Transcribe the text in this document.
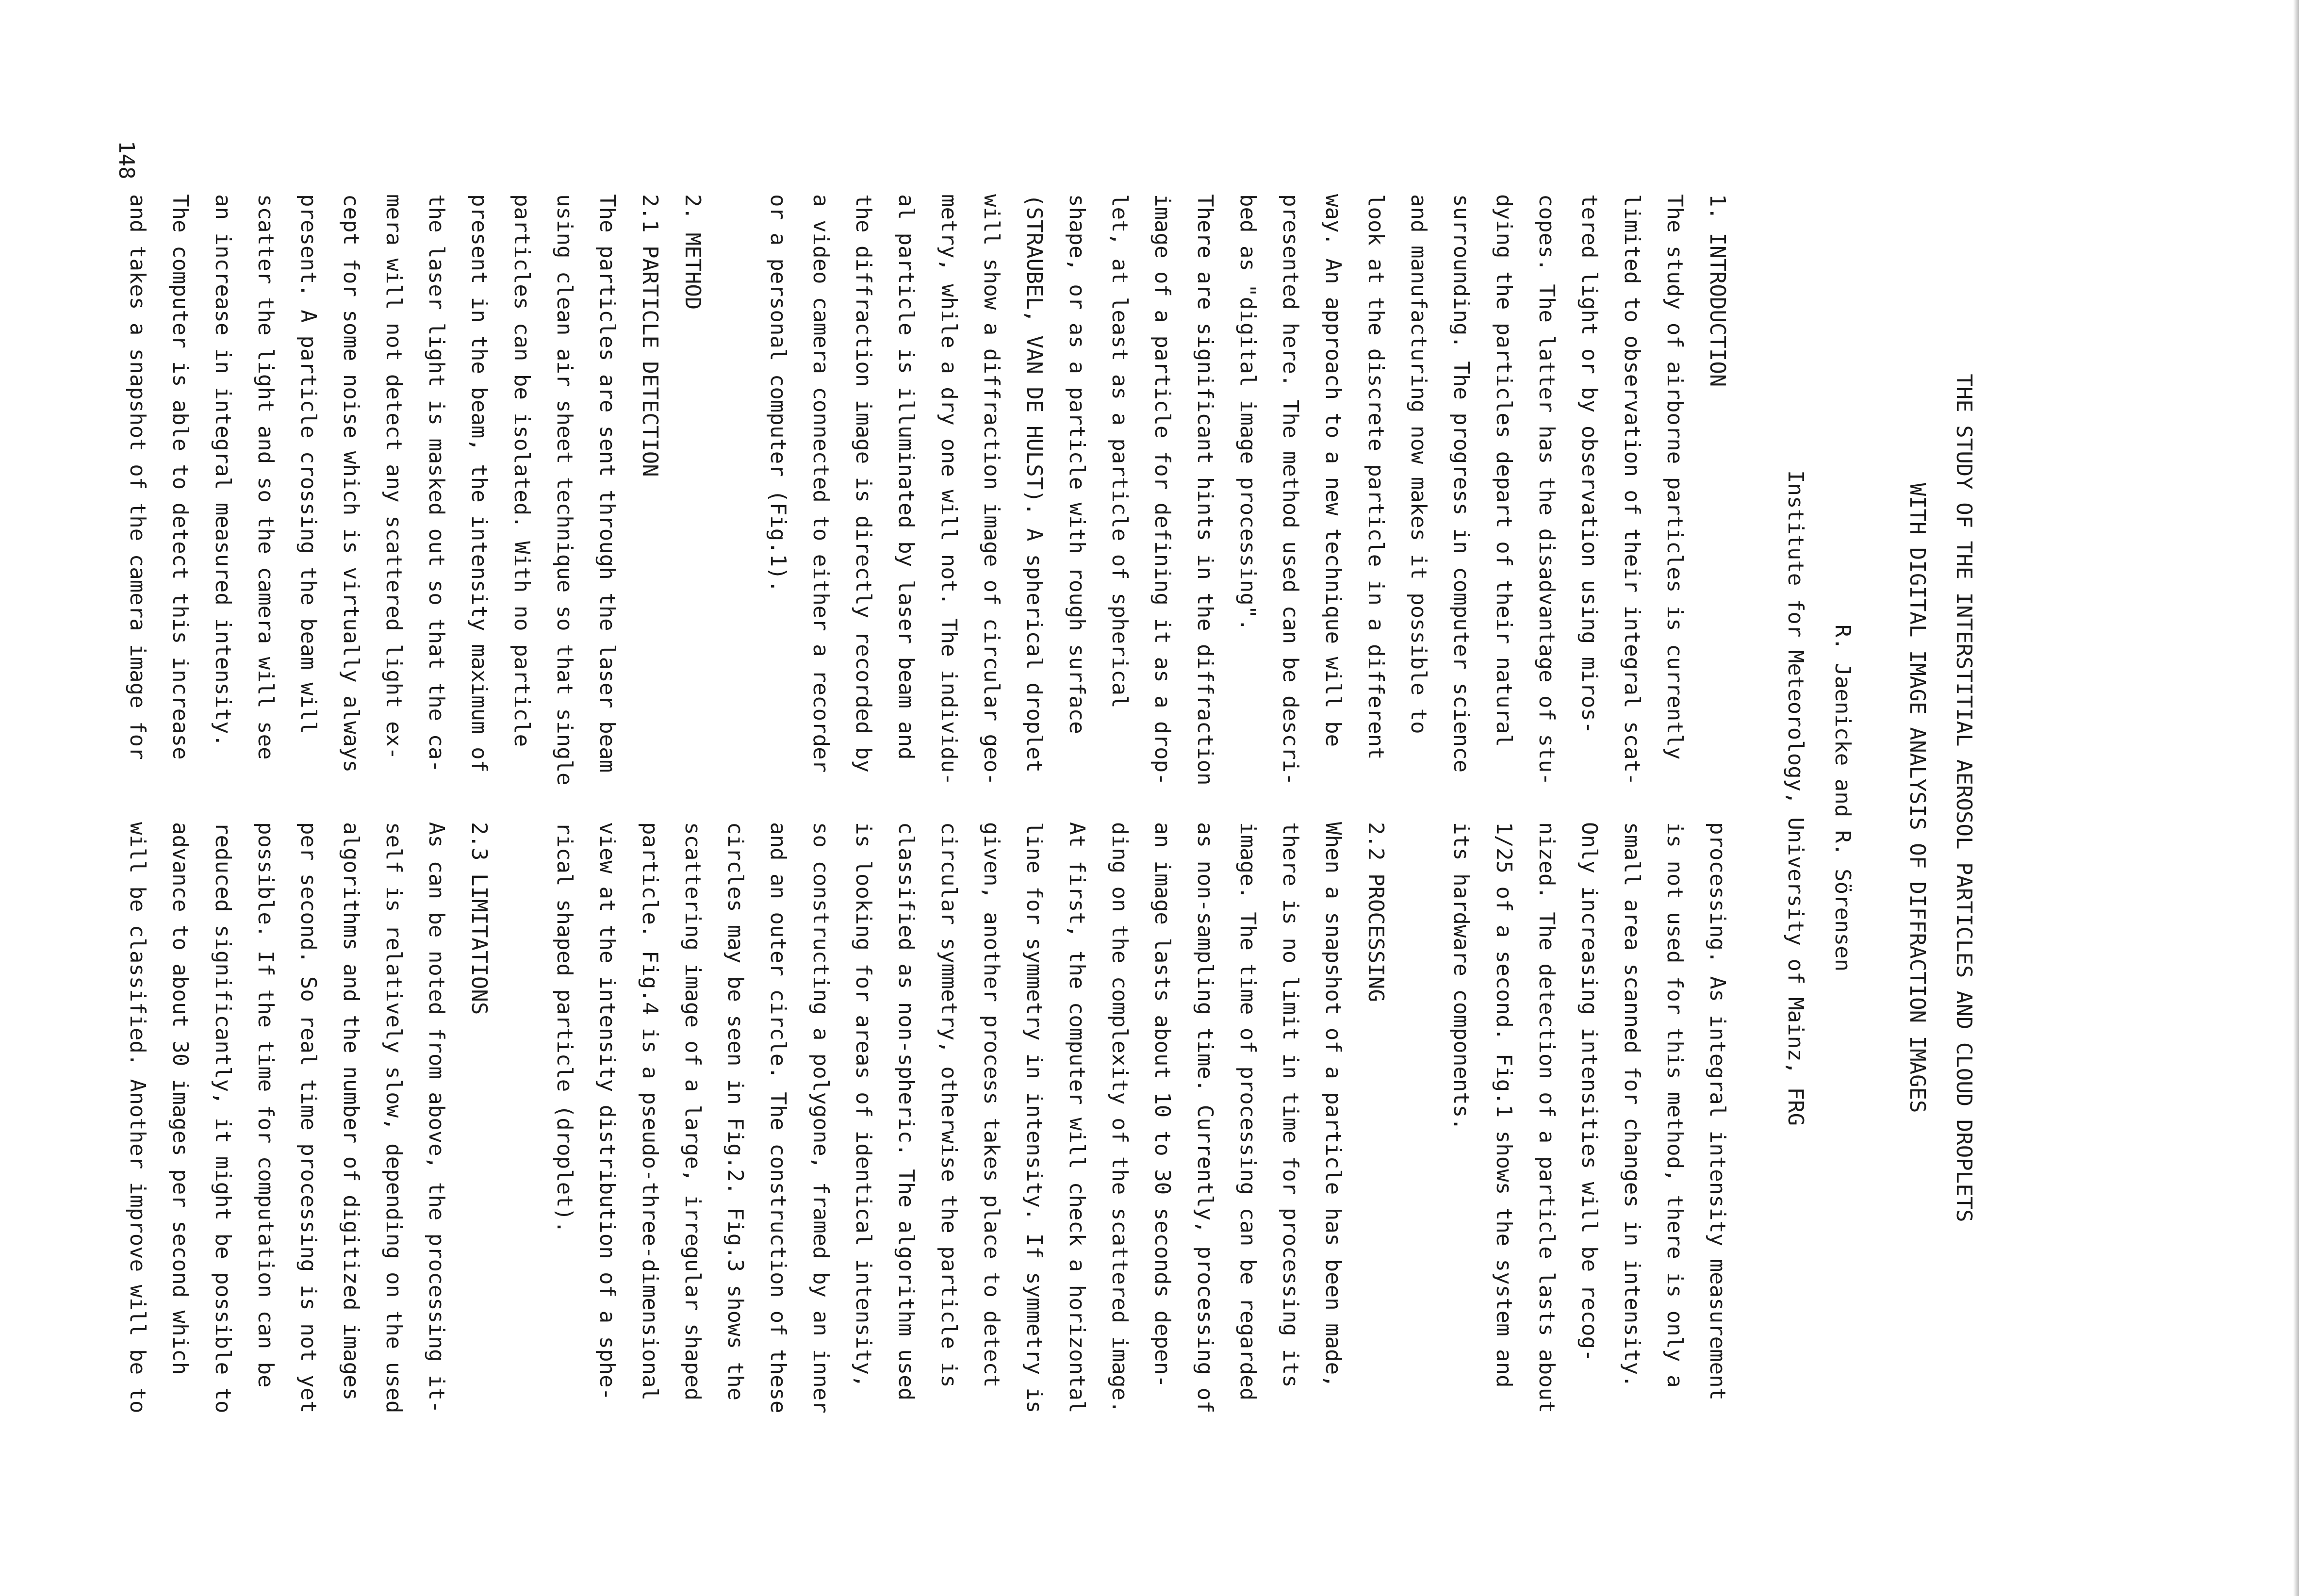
THE STUDY OF THE INTERSTITIAL AEROSOL PARTICLES AND CLOUD DROPLETS
WITH DIGITAL IMAGE ANALYSIS OF DIFFRACTION IMAGES
R. Jaenicke and R. Sörensen
Institute for Meteorology, University of Mainz, FRG

1. INTRODUCTION

The study of airborne particles is currently

limited to observation of their integral scat-

tered light or by observation using miros-

copes. The latter has the disadvantage of stu-

dying the particles depart of their natural

surrounding. The progress in computer science

and manufacturing now makes it possible to

look at the discrete particle in a different

way. An approach to a new technique will be

presented here. The method used can be descri-

bed as "digital image processing".

There are significant hints in the diffraction

image of a particle for defining it as a drop-

let, at least as a particle of spherical

shape, or as a particle with rough surface

(STRAUBEL, VAN DE HULST). A spherical droplet

will show a diffraction image of circular geo-

metry, while a dry one will not. The individu-

al particle is illuminated by laser beam and

the diffraction image is directly recorded by

a video camera connected to either a recorder

or a personal computer (Fig.1).

2. METHOD

2.1 PARTICLE DETECTION

The particles are sent through the laser beam

using clean air sheet technique so that single

particles can be isolated. With no particle

present in the beam, the intensity maximum of

the laser light is masked out so that the ca-

mera will not detect any scattered light ex-

cept for some noise which is virtually always

present. A particle crossing the beam will

scatter the light and so the camera will see

an increase in integral measured intensity.

The computer is able to detect this increase

and takes a snapshot of the camera image for

processing. As integral intensity measurement

is not used for this method, there is only a

small area scanned for changes in intensity.

Only increasing intensities will be recog-

nized. The detection of a particle lasts about

1/25 of a second. Fig.1 shows the system and

its hardware components.

2.2 PROCESSING

When a snapshot of a particle has been made,

there is no limit in time for processing its

image. The time of processing can be regarded

as non-sampling time. Currently, processing of

an image lasts about 10 to 30 seconds depen-

ding on the complexity of the scattered image.

At first, the computer will check a horizontal

line for symmetry in intensity. If symmetry is

given, another process takes place to detect

circular symmetry, otherwise the particle is

classified as non-spheric. The algorithm used

is looking for areas of identical intensity,

so constructing a polygone, framed by an inner

and an outer circle. The construction of these

circles may be seen in Fig.2. Fig.3 shows the

scattering image of a large, irregular shaped

particle. Fig.4 is a pseudo-three-dimensional

view at the intensity distribution of a sphe-

rical shaped particle (droplet).

2.3 LIMITATIONS

As can be noted from above, the processing it-

self is relatively slow, depending on the used

algorithms and the number of digitized images

per second. So real time processing is not yet

possible. If the time for computation can be

reduced significantly, it might be possible to

advance to about 30 images per second which

will be classified. Another improve will be to

148
